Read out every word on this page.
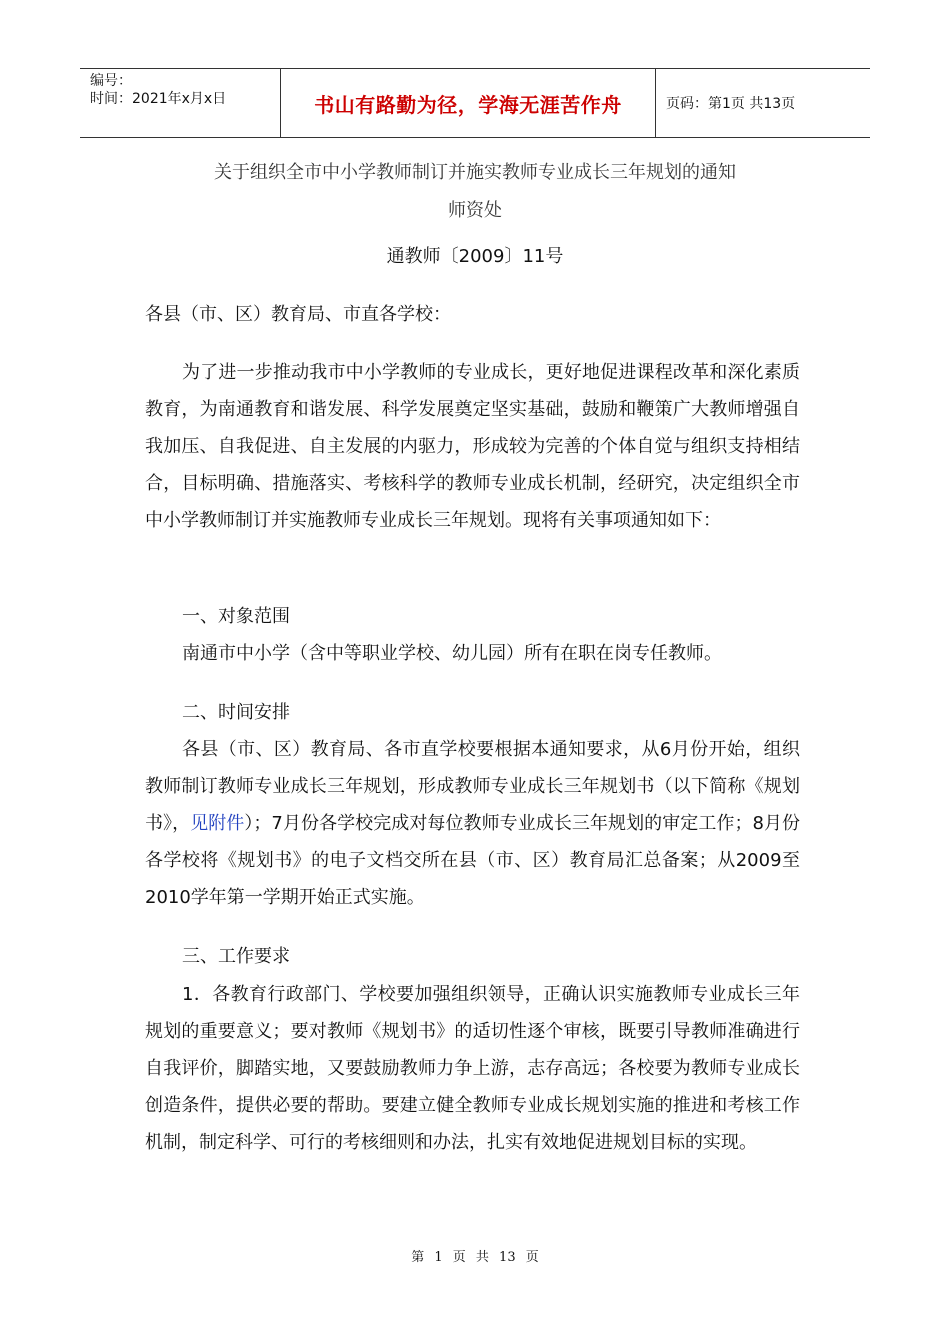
编号：
时间：2021年x月x日	书山有路勤为径，学海无涯苦作舟	页码：第1页 共13页
关于组织全市中小学教师制订并施实教师专业成长三年规划的通知
师资处
通教师〔2009〕11号
各县（市、区）教育局、市直各学校：
为了进一步推动我市中小学教师的专业成长，更好地促进课程改革和深化素质教育，为南通教育和谐发展、科学发展奠定坚实基础，鼓励和鞭策广大教师增强自我加压、自我促进、自主发展的内驱力，形成较为完善的个体自觉与组织支持相结合，目标明确、措施落实、考核科学的教师专业成长机制，经研究，决定组织全市中小学教师制订并实施教师专业成长三年规划。现将有关事项通知如下：
一、对象范围
南通市中小学（含中等职业学校、幼儿园）所有在职在岗专任教师。
二、时间安排
各县（市、区）教育局、各市直学校要根据本通知要求，从6月份开始，组织教师制订教师专业成长三年规划，形成教师专业成长三年规划书（以下简称《规划书》，见附件）；7月份各学校完成对每位教师专业成长三年规划的审定工作；8月份各学校将《规划书》的电子文档交所在县（市、区）教育局汇总备案；从2009至2010学年第一学期开始正式实施。
三、工作要求
1．各教育行政部门、学校要加强组织领导，正确认识实施教师专业成长三年规划的重要意义；要对教师《规划书》的适切性逐个审核，既要引导教师准确进行自我评价，脚踏实地，又要鼓励教师力争上游，志存高远；各校要为教师专业成长创造条件，提供必要的帮助。要建立健全教师专业成长规划实施的推进和考核工作机制，制定科学、可行的考核细则和办法，扎实有效地促进规划目标的实现。
第 1 页 共 13 页
